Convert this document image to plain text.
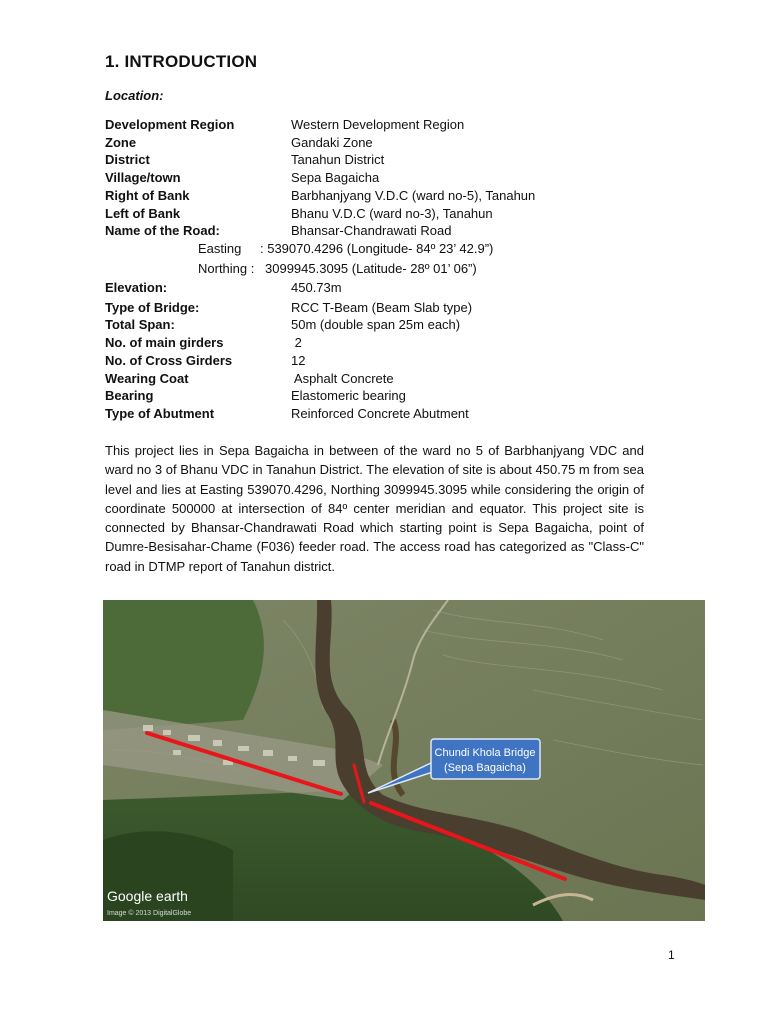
1. INTRODUCTION
Location:
Development Region	Western Development Region
Zone	Gandaki Zone
District	Tanahun District
Village/town	Sepa Bagaicha
Right of Bank	Barbhanjyang V.D.C (ward no-5), Tanahun
Left of Bank	Bhanu V.D.C (ward no-3), Tanahun
Name of the Road:	Bhansar-Chandrawati Road
Easting : 539070.4296 (Longitude- 84º 23’ 42.9”)
Northing : 3099945.3095 (Latitude- 28º 01’ 06”)
Elevation:	450.73m
Type of Bridge:	RCC T-Beam (Beam Slab type)
Total Span:	50m (double span 25m each)
No. of main girders	2
No. of Cross Girders	12
Wearing Coat	Asphalt Concrete
Bearing	Elastomeric bearing
Type of Abutment	Reinforced Concrete Abutment

This project lies in Sepa Bagaicha in between of the ward no 5 of Barbhanjyang VDC and ward no 3 of Bhanu VDC in Tanahun District. The elevation of site is about 450.75 m from sea level and lies at Easting 539070.4296, Northing 3099945.3095 while considering the origin of coordinate 500000 at intersection of 84º center meridian and equator. This project site is connected by Bhansar-Chandrawati Road which starting point is Sepa Bagaicha, point of Dumre-Besisahar-Chame (F036) feeder road. The access road has categorized as "Class-C" road in DTMP report of Tanahun district.

Chundi Khola Bridge
(Sepa Bagaicha)
Google earth
Image © 2013 DigitalGlobe
1
